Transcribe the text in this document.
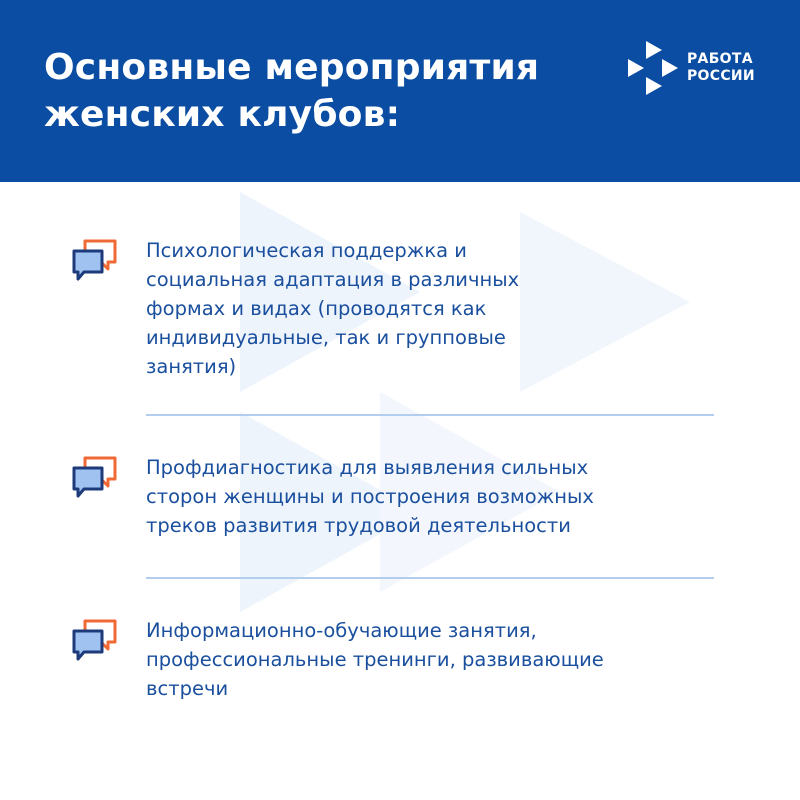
Основные мероприятия
женских клубов:
РАБОТА
РОССИИ
Психологическая поддержка и
социальная адаптация в различных
формах и видах (проводятся как
индивидуальные, так и групповые
занятия)
Профдиагностика для выявления сильных
сторон женщины и построения возможных
треков развития трудовой деятельности
Информационно-обучающие занятия,
профессиональные тренинги, развивающие
встречи
